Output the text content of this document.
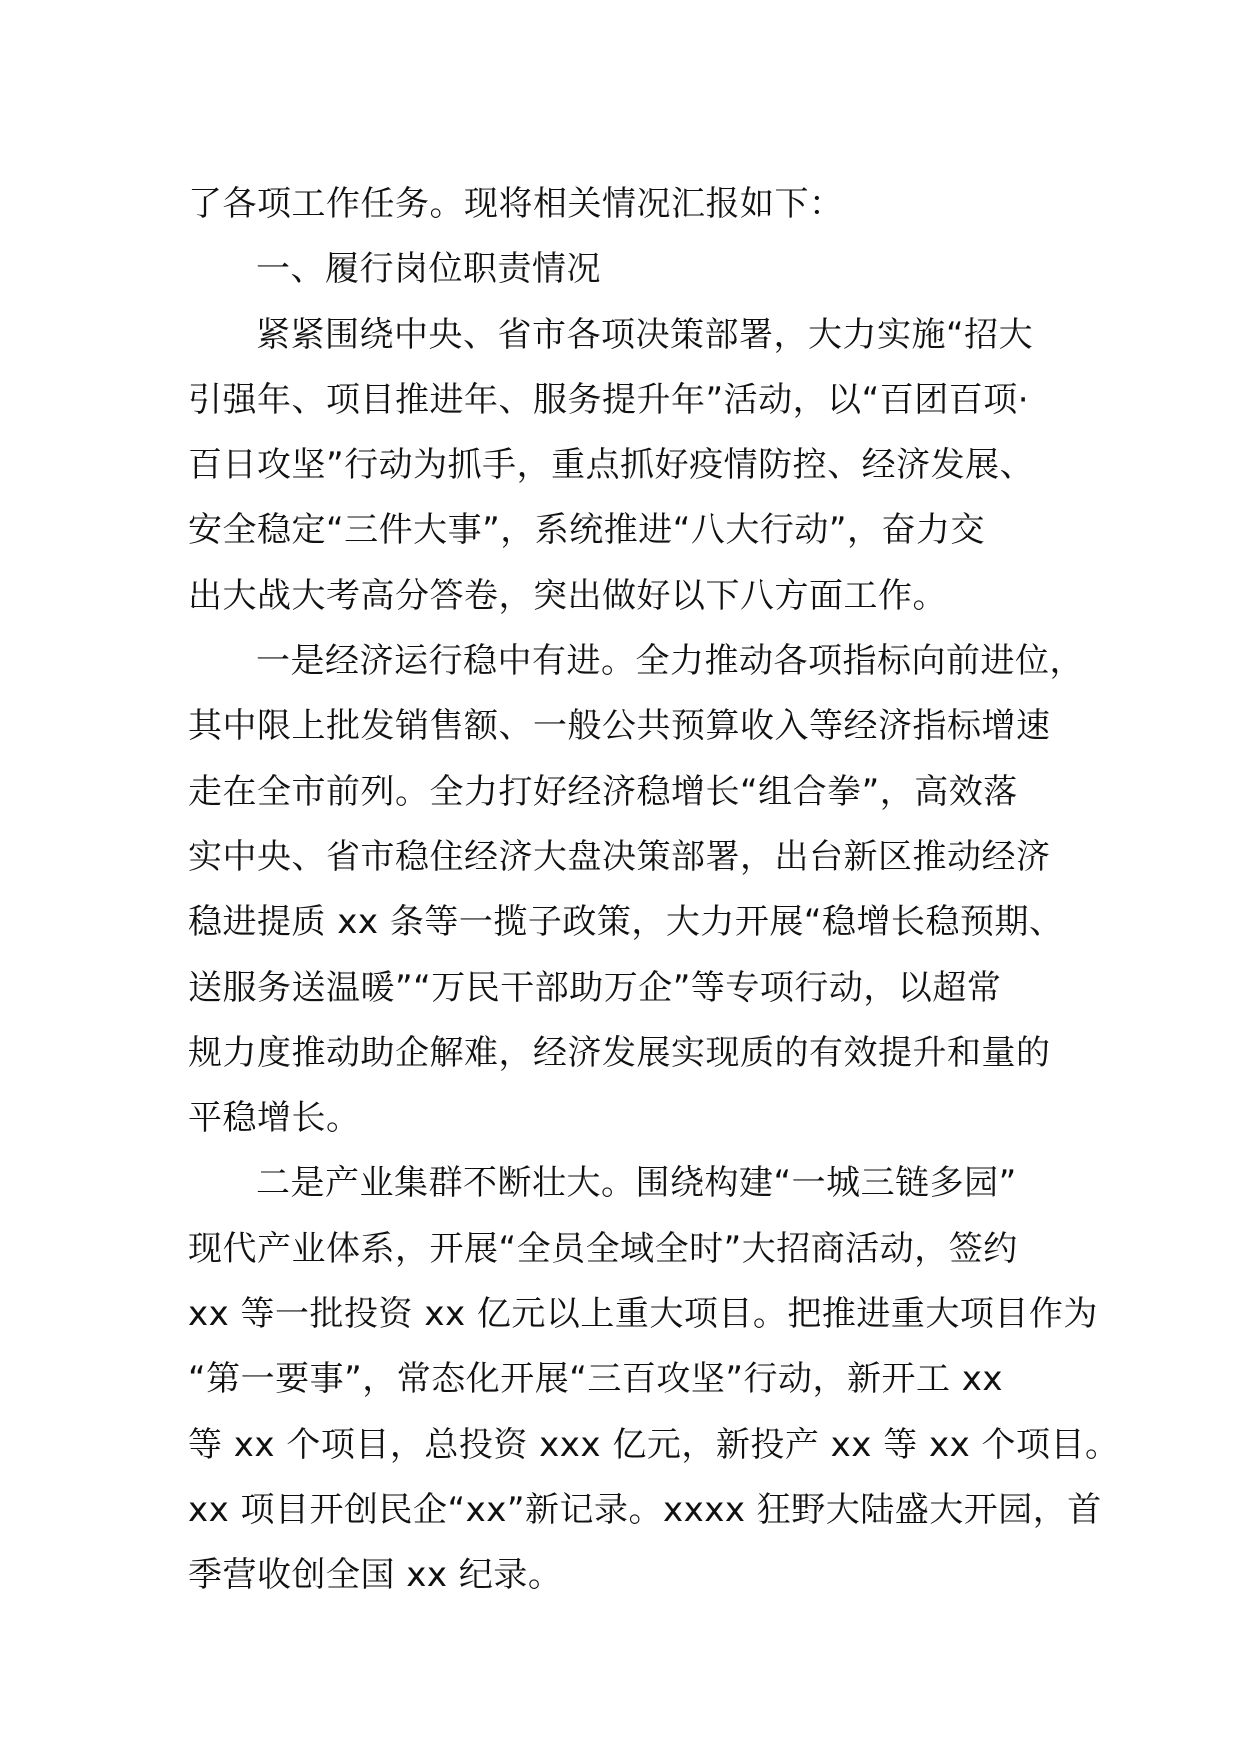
了各项工作任务。现将相关情况汇报如下：
一、履行岗位职责情况
紧紧围绕中央、省市各项决策部署，大力实施“招大
引强年、项目推进年、服务提升年”活动，以“百团百项·
百日攻坚”行动为抓手，重点抓好疫情防控、经济发展、
安全稳定“三件大事”，系统推进“八大行动”，奋力交
出大战大考高分答卷，突出做好以下八方面工作。
一是经济运行稳中有进。全力推动各项指标向前进位，
其中限上批发销售额、一般公共预算收入等经济指标增速
走在全市前列。全力打好经济稳增长“组合拳”，高效落
实中央、省市稳住经济大盘决策部署，出台新区推动经济
稳进提质 xx 条等一揽子政策，大力开展“稳增长稳预期、
送服务送温暖”“万民干部助万企”等专项行动，以超常
规力度推动助企解难，经济发展实现质的有效提升和量的
平稳增长。
二是产业集群不断壮大。围绕构建“一城三链多园”
现代产业体系，开展“全员全域全时”大招商活动，签约
xx 等一批投资 xx 亿元以上重大项目。把推进重大项目作为
“第一要事”，常态化开展“三百攻坚”行动，新开工 xx
等 xx 个项目，总投资 xxx 亿元，新投产 xx 等 xx 个项目。
xx 项目开创民企“xx”新记录。xxxx 狂野大陆盛大开园，首
季营收创全国 xx 纪录。
